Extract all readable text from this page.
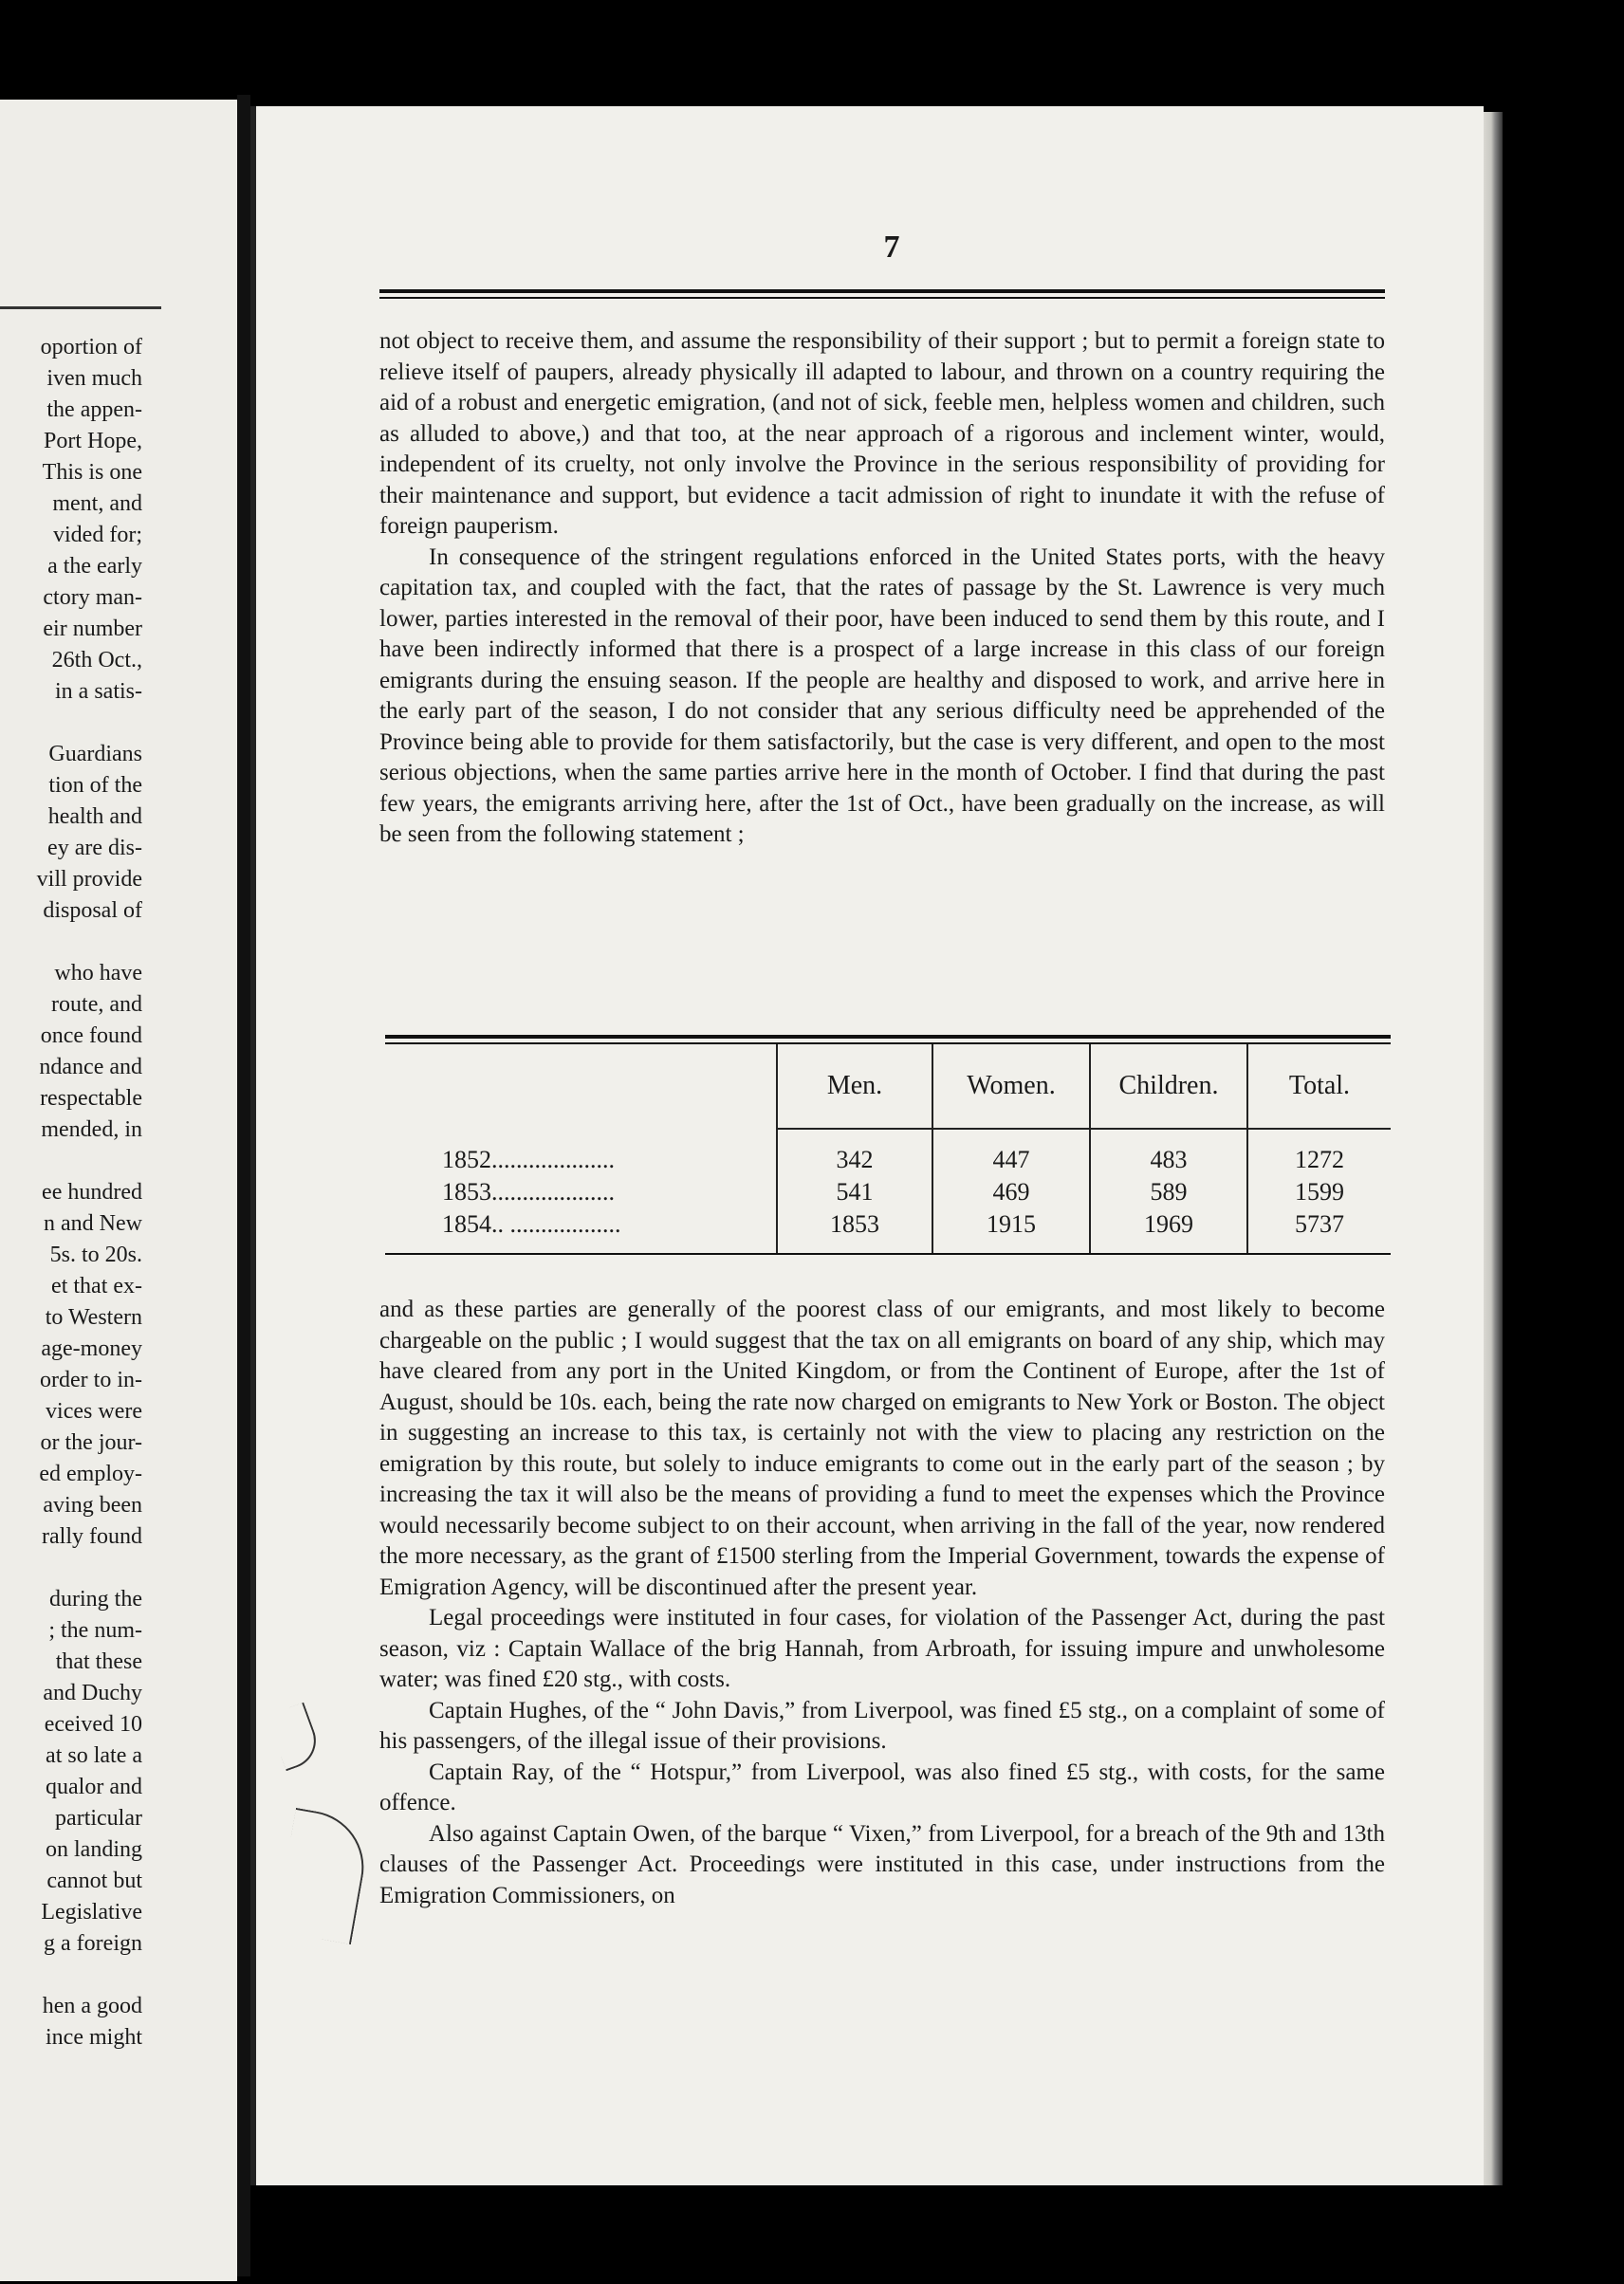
oportion of
iven much
the appen-
Port Hope,
This is one
ment, and
vided for;
a the early
ctory man-
eir number
26th Oct.,
in a satis-

Guardians
tion of the
health and
ey are dis-
vill provide
disposal of

who have
route, and
once found
ndance and
respectable
mended, in

ee hundred
n and New
5s. to 20s.
et that ex-
to Western
age-money
order to in-
vices were
or the jour-
ed employ-
aving been
rally found

during the
; the num-
that these
and Duchy
eceived 10
at so late a
qualor and
particular
on landing
cannot but
Legislative
g a foreign

hen a good
ince might
7

not object to receive them, and assume the responsibility of their support ; but to permit a foreign state to relieve itself of paupers, already physically ill adapted to labour, and thrown on a country requiring the aid of a robust and energetic emigration, (and not of sick, feeble men, helpless women and children, such as alluded to above,) and that too, at the near approach of a rigorous and inclement winter, would, independent of its cruelty, not only involve the Province in the serious responsibility of providing for their maintenance and support, but evidence a tacit admission of right to inundate it with the refuse of foreign pauperism.

In consequence of the stringent regulations enforced in the United States ports, with the heavy capitation tax, and coupled with the fact, that the rates of passage by the St. Lawrence is very much lower, parties interested in the removal of their poor, have been induced to send them by this route, and I have been indirectly informed that there is a prospect of a large increase in this class of our foreign emigrants during the ensuing season. If the people are healthy and disposed to work, and arrive here in the early part of the season, I do not consider that any serious difficulty need be apprehended of the Province being able to provide for them satisfactorily, but the case is very different, and open to the most serious objections, when the same parties arrive here in the month of October. I find that during the past few years, the emigrants arriving here, after the 1st of Oct., have been gradually on the increase, as will be seen from the following statement ;

	Men.	Women.	Children.	Total.
1852....................	342	447	483	1272
1853....................	541	469	589	1599
1854.. ..................	1853	1915	1969	5737

and as these parties are generally of the poorest class of our emigrants, and most likely to become chargeable on the public ; I would suggest that the tax on all emigrants on board of any ship, which may have cleared from any port in the United Kingdom, or from the Continent of Europe, after the 1st of August, should be 10s. each, being the rate now charged on emigrants to New York or Boston. The object in suggesting an increase to this tax, is certainly not with the view to placing any restriction on the emigration by this route, but solely to induce emigrants to come out in the early part of the season ; by increasing the tax it will also be the means of providing a fund to meet the expenses which the Province would necessarily become subject to on their account, when arriving in the fall of the year, now rendered the more necessary, as the grant of £1500 sterling from the Imperial Government, towards the expense of Emigration Agency, will be discontinued after the present year.

Legal proceedings were instituted in four cases, for violation of the Passenger Act, during the past season, viz : Captain Wallace of the brig Hannah, from Arbroath, for issuing impure and unwholesome water; was fined £20 stg., with costs.

Captain Hughes, of the “ John Davis,” from Liverpool, was fined £5 stg., on a complaint of some of his passengers, of the illegal issue of their provisions.

Captain Ray, of the “ Hotspur,” from Liverpool, was also fined £5 stg., with costs, for the same offence.

Also against Captain Owen, of the barque “ Vixen,” from Liverpool, for a breach of the 9th and 13th clauses of the Passenger Act. Proceedings were instituted in this case, under instructions from the Emigration Commissioners, on
